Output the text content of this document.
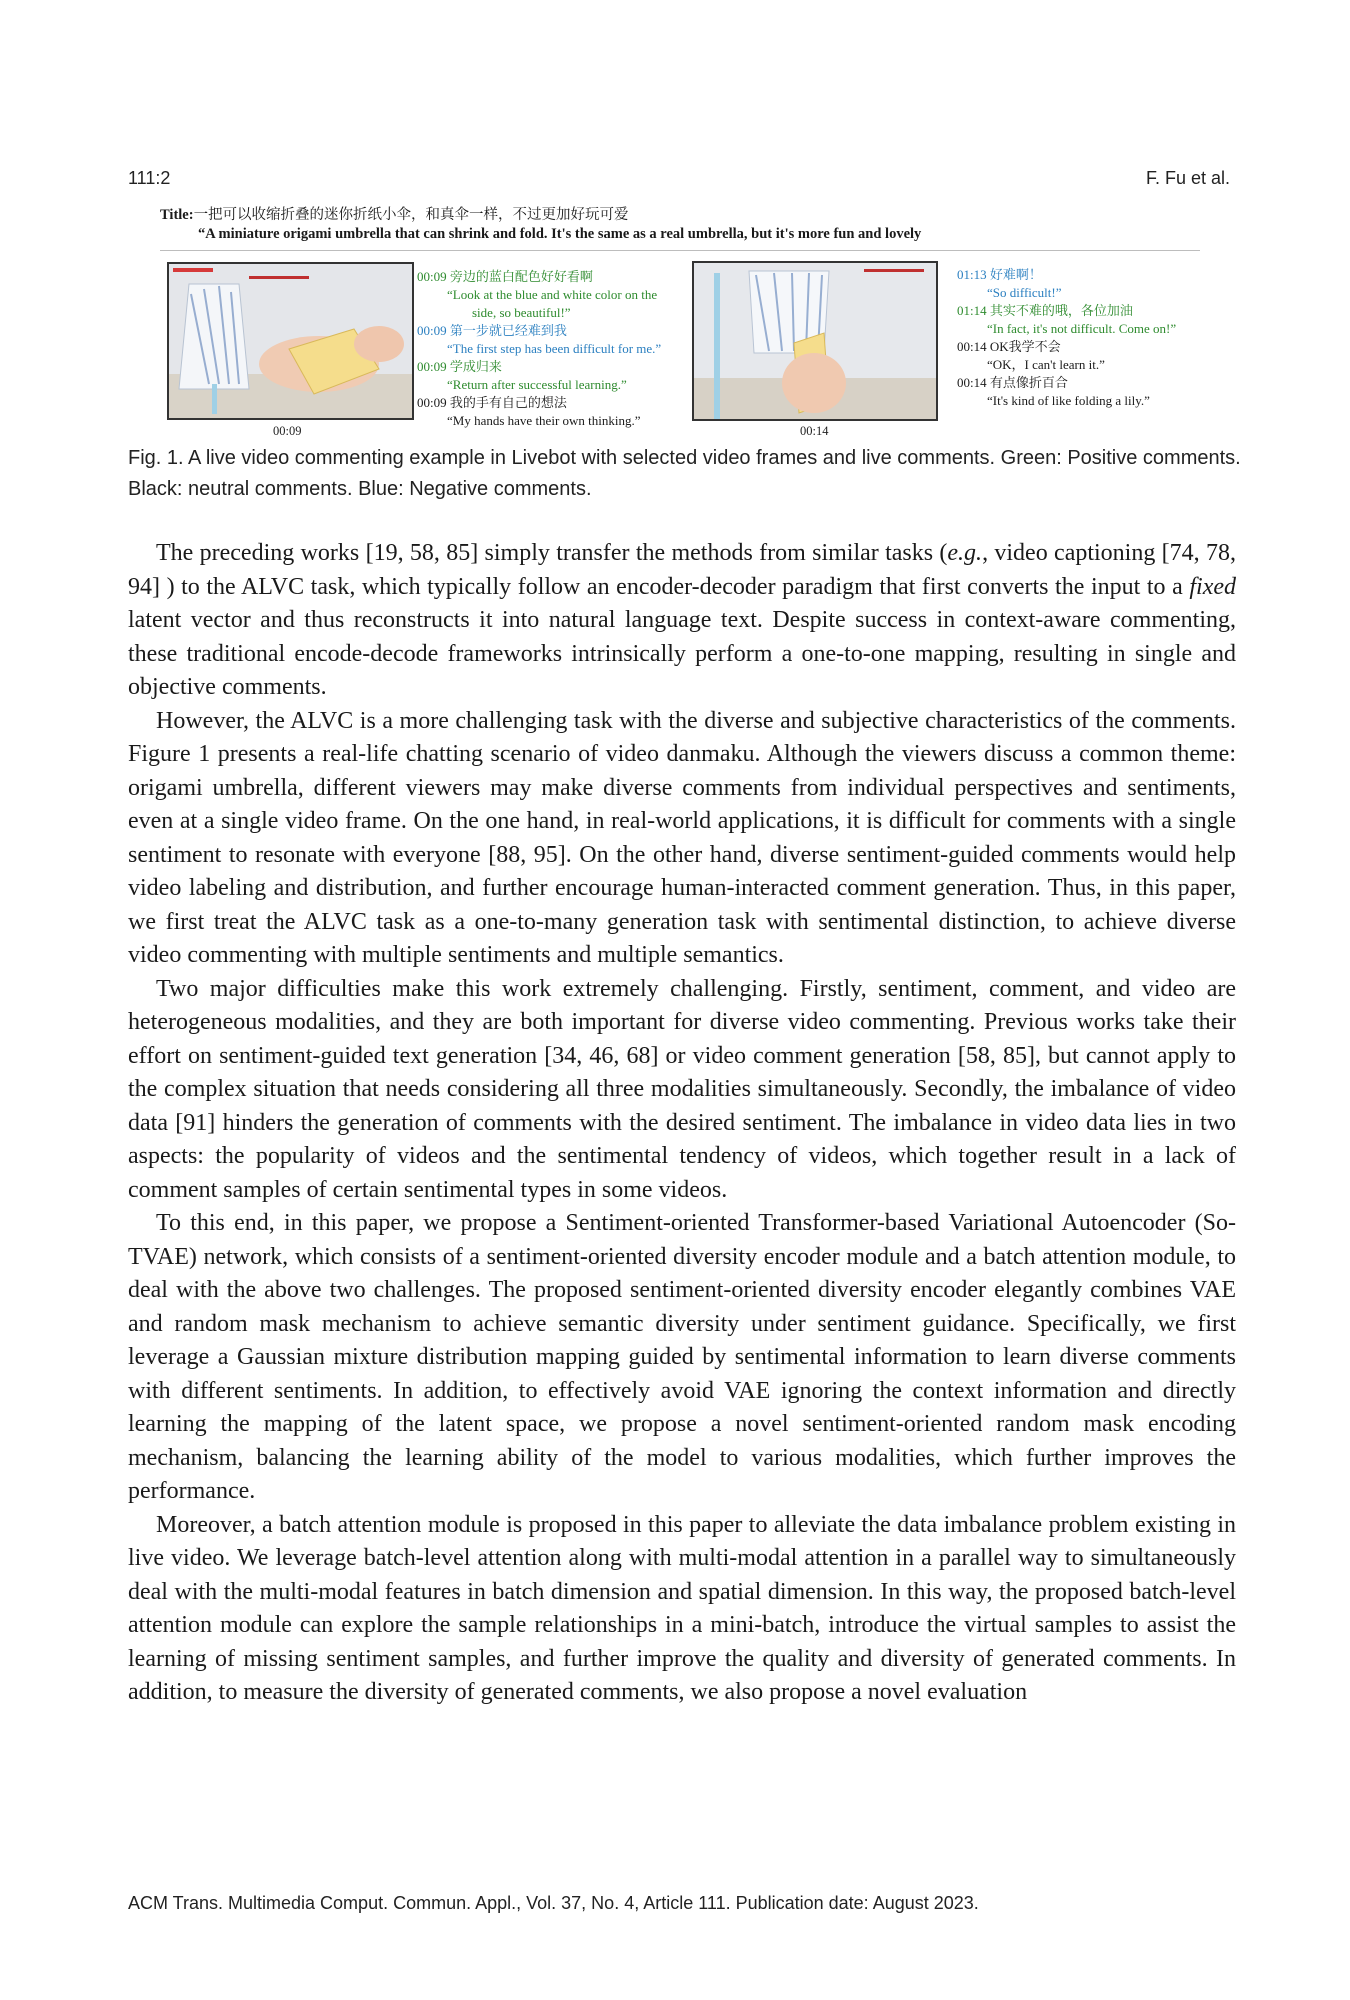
111:2	F. Fu et al.
Title:一把可以收缩折叠的迷你折纸小伞，和真伞一样，不过更加好玩可爱
“A miniature origami umbrella that can shrink and fold. It's the same as a real umbrella, but it's more fun and lovely
00:09
00:09 旁边的蓝白配色好好看啊
“Look at the blue and white color on the
side, so beautiful!”
00:09 第一步就已经难到我
“The first step has been difficult for me.”
00:09 学成归来
“Return after successful learning.”
00:09 我的手有自己的想法
“My hands have their own thinking.”
00:14
01:13 好难啊！
“So difficult!”
01:14 其实不难的哦，各位加油
“In fact, it's not difficult. Come on!”
00:14 OK我学不会
“OK，I can't learn it.”
00:14 有点像折百合
“It's kind of like folding a lily.”
Fig. 1. A live video commenting example in Livebot with selected video frames and live comments. Green: Positive comments. Black: neutral comments. Blue: Negative comments.

The preceding works [19, 58, 85] simply transfer the methods from similar tasks (e.g., video captioning [74, 78, 94] ) to the ALVC task, which typically follow an encoder-decoder paradigm that first converts the input to a fixed latent vector and thus reconstructs it into natural language text. Despite success in context-aware commenting, these traditional encode-decode frameworks intrinsically perform a one-to-one mapping, resulting in single and objective comments.

However, the ALVC is a more challenging task with the diverse and subjective characteristics of the comments. Figure 1 presents a real-life chatting scenario of video danmaku. Although the viewers discuss a common theme: origami umbrella, different viewers may make diverse comments from individual perspectives and sentiments, even at a single video frame. On the one hand, in real-world applications, it is difficult for comments with a single sentiment to resonate with everyone [88, 95]. On the other hand, diverse sentiment-guided comments would help video labeling and distribution, and further encourage human-interacted comment generation. Thus, in this paper, we first treat the ALVC task as a one-to-many generation task with sentimental distinction, to achieve diverse video commenting with multiple sentiments and multiple semantics.

Two major difficulties make this work extremely challenging. Firstly, sentiment, comment, and video are heterogeneous modalities, and they are both important for diverse video commenting. Previous works take their effort on sentiment-guided text generation [34, 46, 68] or video comment generation [58, 85], but cannot apply to the complex situation that needs considering all three modalities simultaneously. Secondly, the imbalance of video data [91] hinders the generation of comments with the desired sentiment. The imbalance in video data lies in two aspects: the popularity of videos and the sentimental tendency of videos, which together result in a lack of comment samples of certain sentimental types in some videos.

To this end, in this paper, we propose a Sentiment-oriented Transformer-based Variational Autoencoder (So-TVAE) network, which consists of a sentiment-oriented diversity encoder module and a batch attention module, to deal with the above two challenges. The proposed sentiment-oriented diversity encoder elegantly combines VAE and random mask mechanism to achieve semantic diversity under sentiment guidance. Specifically, we first leverage a Gaussian mixture distribution mapping guided by sentimental information to learn diverse comments with different sentiments. In addition, to effectively avoid VAE ignoring the context information and directly learning the mapping of the latent space, we propose a novel sentiment-oriented random mask encoding mechanism, balancing the learning ability of the model to various modalities, which further improves the performance.

Moreover, a batch attention module is proposed in this paper to alleviate the data imbalance problem existing in live video. We leverage batch-level attention along with multi-modal attention in a parallel way to simultaneously deal with the multi-modal features in batch dimension and spatial dimension. In this way, the proposed batch-level attention module can explore the sample relationships in a mini-batch, introduce the virtual samples to assist the learning of missing sentiment samples, and further improve the quality and diversity of generated comments. In addition, to measure the diversity of generated comments, we also propose a novel evaluation

ACM Trans. Multimedia Comput. Commun. Appl., Vol. 37, No. 4, Article 111. Publication date: August 2023.
